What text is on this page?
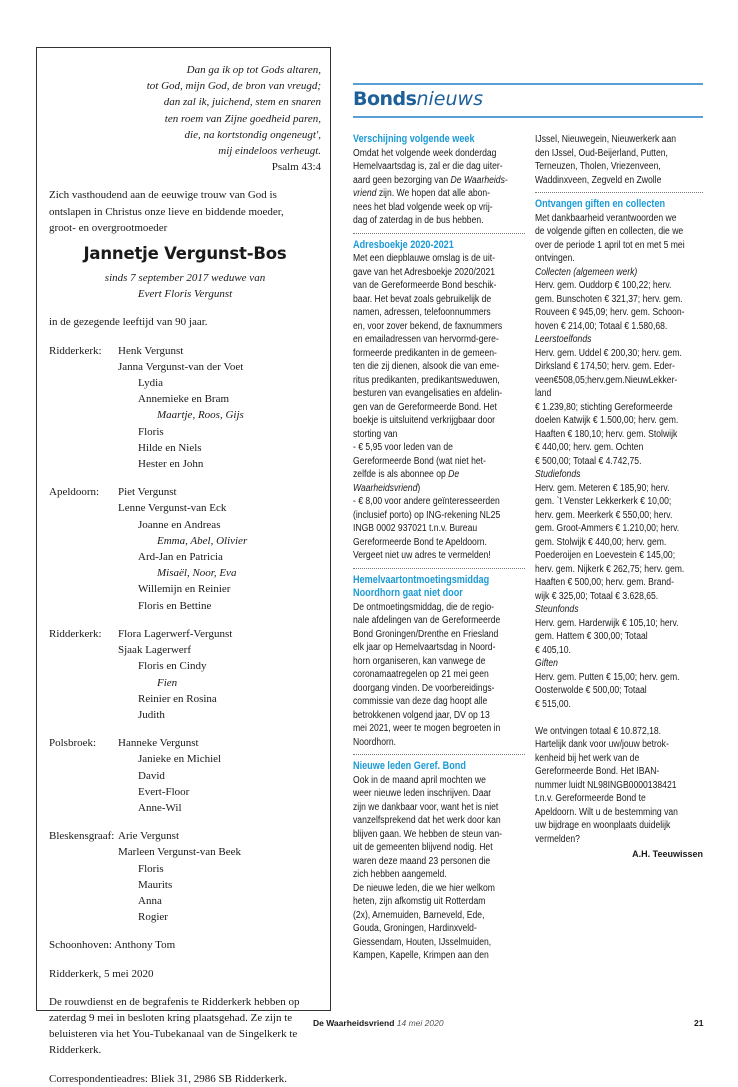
Dan ga ik op tot Gods altaren,
tot God, mijn God, de bron van vreugd;
dan zal ik, juichend, stem en snaren
ten roem van Zijne goedheid paren,
die, na kortstondig ongeneugt',
mij eindeloos verheugt.
Psalm 43:4
Zich vasthoudend aan de eeuwige trouw van God is
ontslapen in Christus onze lieve en biddende moeder,
groot- en overgrootmoeder
Jannetje Vergunst-Bos
sinds 7 september 2017 weduwe van
Evert Floris Vergunst
in de gezegende leeftijd van 90 jaar.
Ridderkerk:	Henk Vergunst
Janna Vergunst-van der Voet
Lydia
Annemieke en Bram
Maartje, Roos, Gijs
Floris
Hilde en Niels
Hester en John
Apeldoorn:	Piet Vergunst
Lenne Vergunst-van Eck
Joanne en Andreas
Emma, Abel, Olivier
Ard-Jan en Patricia
Misaël, Noor, Eva
Willemijn en Reinier
Floris en Bettine
Ridderkerk:	Flora Lagerwerf-Vergunst
Sjaak Lagerwerf
Floris en Cindy
Fien
Reinier en Rosina
Judith
Polsbroek:	Hanneke Vergunst
Janieke en Michiel
David
Evert-Floor
Anne-Wil
Bleskensgraaf: Arie Vergunst
Marleen Vergunst-van Beek
Floris
Maurits
Anna
Rogier
Schoonhoven: Anthony Tom
Ridderkerk, 5 mei 2020
De rouwdienst en de begrafenis te Ridderkerk hebben op
zaterdag 9 mei in besloten kring plaatsgehad. Ze zijn te
beluisteren via het You-Tubekanaal van de Singelkerk te
Ridderkerk.
Correspondentieadres: Bliek 31, 2986 SB Ridderkerk.
Bondsnieuws
Verschijning volgende week
Omdat het volgende week donderdag
Hemelvaartsdag is, zal er die dag uiter-
aard geen bezorging van De Waarheids-
vriend zijn. We hopen dat alle abon-
nees het blad volgende week op vrij-
dag of zaterdag in de bus hebben.
Adresboekje 2020-2021
Met een diepblauwe omslag is de uit-
gave van het Adresboekje 2020/2021
van de Gereformeerde Bond beschik-
baar. Het bevat zoals gebruikelijk de
namen, adressen, telefoonnummers
en, voor zover bekend, de faxnummers
en emailadressen van hervormd-gere-
formeerde predikanten in de gemeen-
ten die zij dienen, alsook die van eme-
ritus predikanten, predikantsweduwen,
besturen van evangelisaties en afdelin-
gen van de Gereformeerde Bond. Het
boekje is uitsluitend verkrijgbaar door
storting van
- € 5,95 voor leden van de
Gereformeerde Bond (wat niet het-
zelfde is als abonnee op De
Waarheidsvriend)
- € 8,00 voor andere geïnteresseerden
(inclusief porto) op ING-rekening NL25
INGB 0002 937021 t.n.v. Bureau
Gereformeerde Bond te Apeldoorn.
Vergeet niet uw adres te vermelden!
Hemelvaartontmoetingsmiddag
Noordhorn gaat niet door
De ontmoetingsmiddag, die de regio-
nale afdelingen van de Gereformeerde
Bond Groningen/Drenthe en Friesland
elk jaar op Hemelvaartsdag in Noord-
horn organiseren, kan vanwege de
coronamaatregelen op 21 mei geen
doorgang vinden. De voorbereidings-
commissie van deze dag hoopt alle
betrokkenen volgend jaar, DV op 13
mei 2021, weer te mogen begroeten in
Noordhorn.
Nieuwe leden Geref. Bond
Ook in de maand april mochten we
weer nieuwe leden inschrijven. Daar
zijn we dankbaar voor, want het is niet
vanzelfsprekend dat het werk door kan
blijven gaan. We hebben de steun van-
uit de gemeenten blijvend nodig. Het
waren deze maand 23 personen die
zich hebben aangemeld.
De nieuwe leden, die we hier welkom
heten, zijn afkomstig uit Rotterdam
(2x), Arnemuiden, Barneveld, Ede,
Gouda, Groningen, Hardinxveld-
Giessendam, Houten, IJsselmuiden,
Kampen, Kapelle, Krimpen aan den
IJssel, Nieuwegein, Nieuwerkerk aan
den IJssel, Oud-Beijerland, Putten,
Terneuzen, Tholen, Vriezenveen,
Waddinxveen, Zegveld en Zwolle
Ontvangen giften en collecten
Met dankbaarheid verantwoorden we
de volgende giften en collecten, die we
over de periode 1 april tot en met 5 mei
ontvingen.
Collecten (algemeen werk)
Herv. gem. Ouddorp € 100,22; herv.
gem. Bunschoten € 321,37; herv. gem.
Rouveen € 945,09; herv. gem. Schoon-
hoven € 214,00; Totaal € 1.580,68.
Leerstoelfonds
Herv. gem. Uddel € 200,30; herv. gem.
Dirksland € 174,50; herv. gem. Eder-
veen€508,05;herv.gem.NieuwLekker-
land
€ 1.239,80; stichting Gereformeerde
doelen Katwijk € 1.500,00; herv. gem.
Haaften € 180,10; herv. gem. Stolwijk
€ 440,00; herv. gem. Ochten
€ 500,00; Totaal € 4.742,75.
Studiefonds
Herv. gem. Meteren € 185,90; herv.
gem. `t Venster Lekkerkerk € 10,00;
herv. gem. Meerkerk € 550,00; herv.
gem. Groot-Ammers € 1.210,00; herv.
gem. Stolwijk € 440,00; herv. gem.
Poederoijen en Loevestein € 145,00;
herv. gem. Nijkerk € 262,75; herv. gem.
Haaften € 500,00; herv. gem. Brand-
wijk € 325,00; Totaal € 3.628,65.
Steunfonds
Herv. gem. Harderwijk € 105,10; herv.
gem. Hattem € 300,00; Totaal
€ 405,10.
Giften
Herv. gem. Putten € 15,00; herv. gem.
Oosterwolde € 500,00; Totaal
€ 515,00.
We ontvingen totaal € 10.872,18.
Hartelijk dank voor uw/jouw betrok-
kenheid bij het werk van de
Gereformeerde Bond. Het IBAN-
nummer luidt NL98INGB0000138421
t.n.v. Gereformeerde Bond te
Apeldoorn. Wilt u de bestemming van
uw bijdrage en woonplaats duidelijk
vermelden?
A.H. Teeuwissen
De Waarheidsvriend 14 mei 2020	21
